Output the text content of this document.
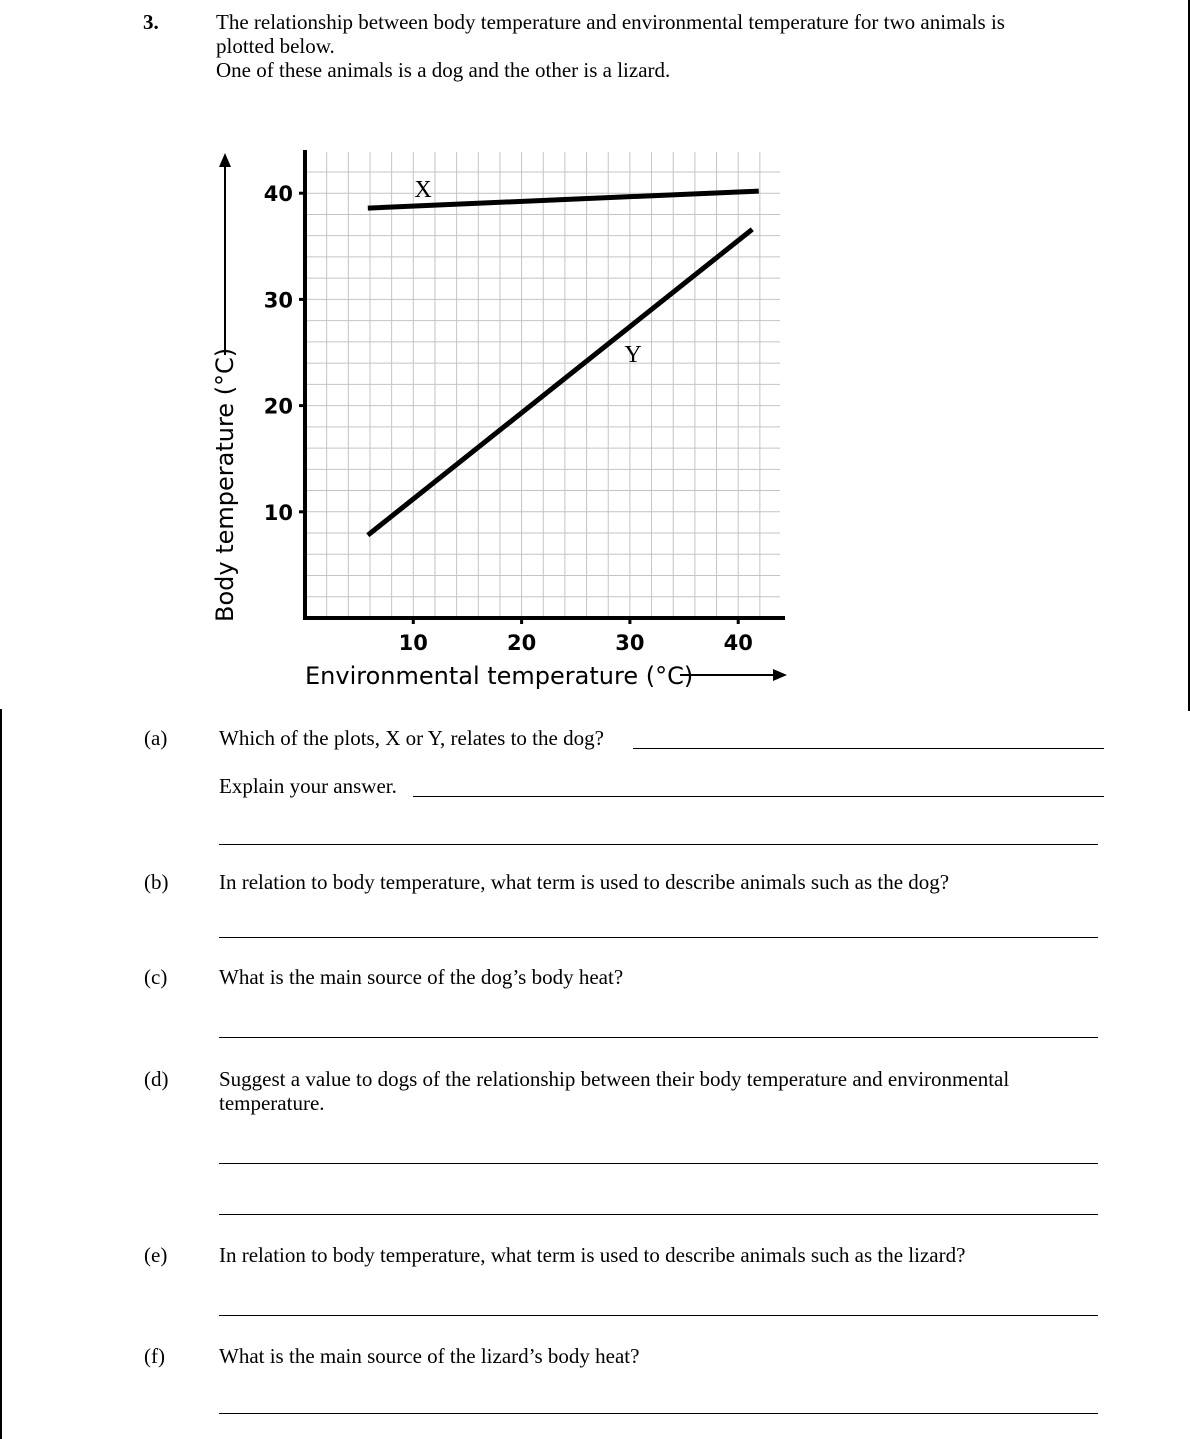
3.	The relationship between body temperature and environmental temperature for two animals is
plotted below.
One of these animals is a dog and the other is a lizard.
10
20
30
40
10	20	30	40
X
Y
Environmental temperature (°C)
Body temperature (°C)
(a) Which of the plots, X or Y, relates to the dog?
Explain your answer.
(b) In relation to body temperature, what term is used to describe animals such as the dog?
(c) What is the main source of the dog’s body heat?
(d) Suggest a value to dogs of the relationship between their body temperature and environmental
temperature.
(e) In relation to body temperature, what term is used to describe animals such as the lizard?
(f)	What is the main source of the lizard’s body heat?
